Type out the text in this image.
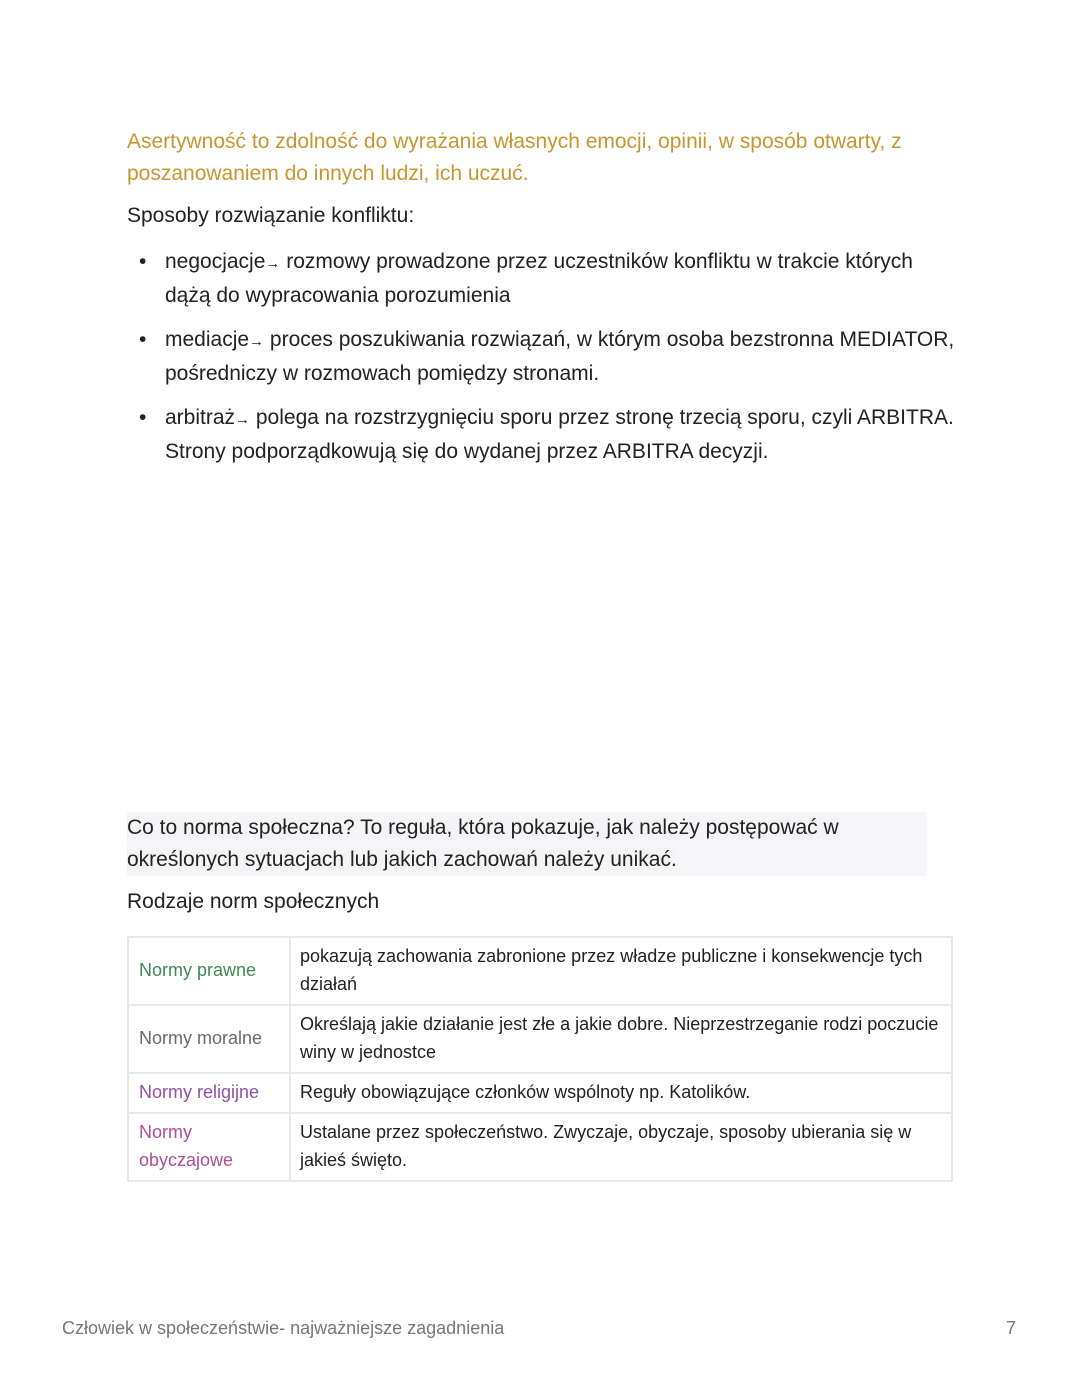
Asertywność to zdolność do wyrażania własnych emocji, opinii, w sposób otwarty, z poszanowaniem do innych ludzi, ich uczuć.

Sposoby rozwiązanie konfliktu:

• negocjacje→ rozmowy prowadzone przez uczestników konfliktu w trakcie których dążą do wypracowania porozumienia
• mediacje→ proces poszukiwania rozwiązań, w którym osoba bezstronna MEDIATOR, pośredniczy w rozmowach pomiędzy stronami.
• arbitraż→ polega na rozstrzygnięciu sporu przez stronę trzecią sporu, czyli ARBITRA. Strony podporządkowują się do wydanej przez ARBITRA decyzji.

Co to norma społeczna? To reguła, która pokazuje, jak należy postępować w określonych sytuacjach lub jakich zachowań należy unikać.

Rodzaje norm społecznych

Normy prawne	pokazują zachowania zabronione przez władze publiczne i konsekwencje tych działań
Normy moralne	Określają jakie działanie jest złe a jakie dobre. Nieprzestrzeganie rodzi poczucie winy w jednostce
Normy religijne	Reguły obowiązujące członków wspólnoty np. Katolików.
Normy obyczajowe	Ustalane przez społeczeństwo. Zwyczaje, obyczaje, sposoby ubierania się w jakieś święto.
Człowiek w społeczeństwie- najważniejsze zagadnienia	7
